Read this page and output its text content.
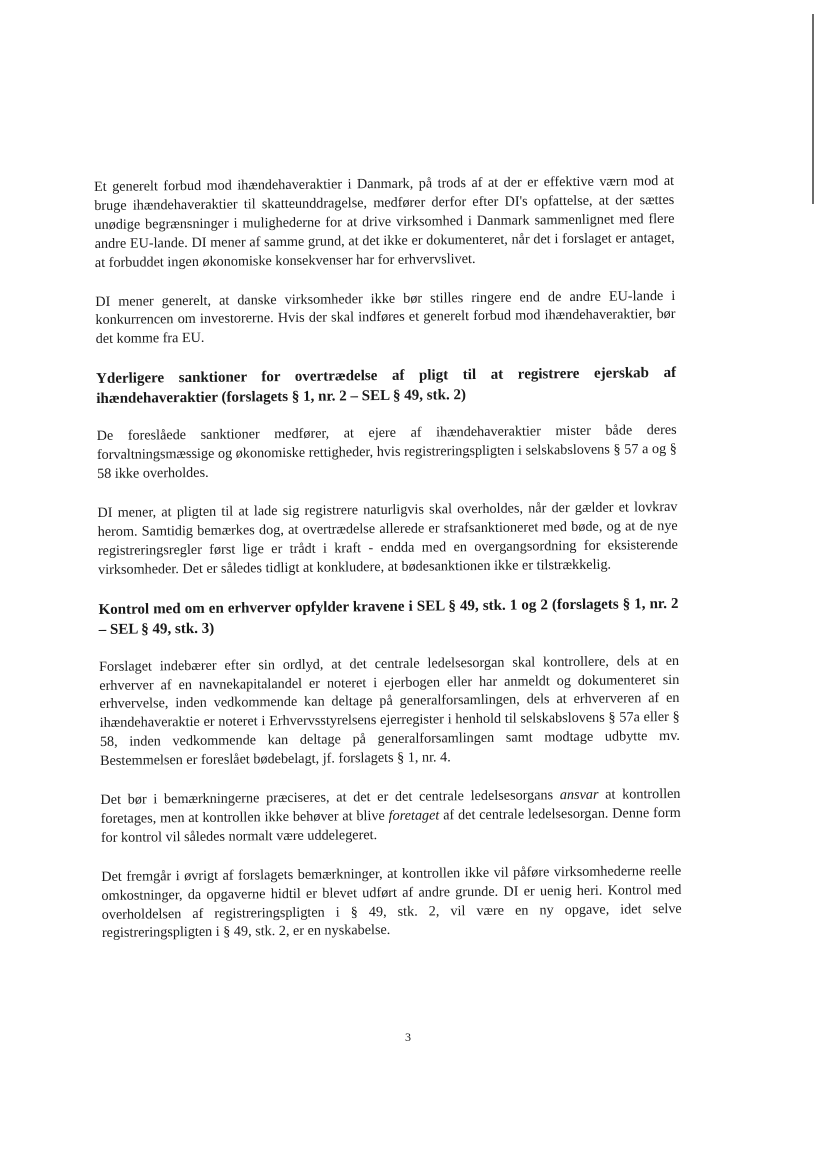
Et generelt forbud mod ihændehaveraktier i Danmark, på trods af at der er effektive værn mod at bruge ihændehaveraktier til skatteunddragelse, medfører derfor efter DI's opfattelse, at der sættes unødige begrænsninger i mulighederne for at drive virksomhed i Danmark sammenlignet med flere andre EU-lande. DI mener af samme grund, at det ikke er dokumenteret, når det i forslaget er antaget, at forbuddet ingen økonomiske konsekvenser har for erhvervslivet.

DI mener generelt, at danske virksomheder ikke bør stilles ringere end de andre EU-lande i konkurrencen om investorerne. Hvis der skal indføres et generelt forbud mod ihændehaveraktier, bør det komme fra EU.

Yderligere sanktioner for overtrædelse af pligt til at registrere ejerskab af ihændehaveraktier (forslagets § 1, nr. 2 – SEL § 49, stk. 2)

De foreslåede sanktioner medfører, at ejere af ihændehaveraktier mister både deres forvaltningsmæssige og økonomiske rettigheder, hvis registreringspligten i selskabslovens § 57 a og § 58 ikke overholdes.

DI mener, at pligten til at lade sig registrere naturligvis skal overholdes, når der gælder et lovkrav herom. Samtidig bemærkes dog, at overtrædelse allerede er strafsanktioneret med bøde, og at de nye registreringsregler først lige er trådt i kraft - endda med en overgangsordning for eksisterende virksomheder. Det er således tidligt at konkludere, at bødesanktionen ikke er tilstrækkelig.

Kontrol med om en erhverver opfylder kravene i SEL § 49, stk. 1 og 2 (forslagets § 1, nr. 2 – SEL § 49, stk. 3)

Forslaget indebærer efter sin ordlyd, at det centrale ledelsesorgan skal kontrollere, dels at en erhverver af en navnekapitalandel er noteret i ejerbogen eller har anmeldt og dokumenteret sin erhvervelse, inden vedkommende kan deltage på generalforsamlingen, dels at erhververen af en ihændehaveraktie er noteret i Erhvervsstyrelsens ejerregister i henhold til selskabslovens § 57a eller § 58, inden vedkommende kan deltage på generalforsamlingen samt modtage udbytte mv. Bestemmelsen er foreslået bødebelagt, jf. forslagets § 1, nr. 4.

Det bør i bemærkningerne præciseres, at det er det centrale ledelsesorgans ansvar at kontrollen foretages, men at kontrollen ikke behøver at blive foretaget af det centrale ledelsesorgan. Denne form for kontrol vil således normalt være uddelegeret.

Det fremgår i øvrigt af forslagets bemærkninger, at kontrollen ikke vil påføre virksomhederne reelle omkostninger, da opgaverne hidtil er blevet udført af andre grunde. DI er uenig heri. Kontrol med overholdelsen af registreringspligten i § 49, stk. 2, vil være en ny opgave, idet selve registreringspligten i § 49, stk. 2, er en nyskabelse.

3
